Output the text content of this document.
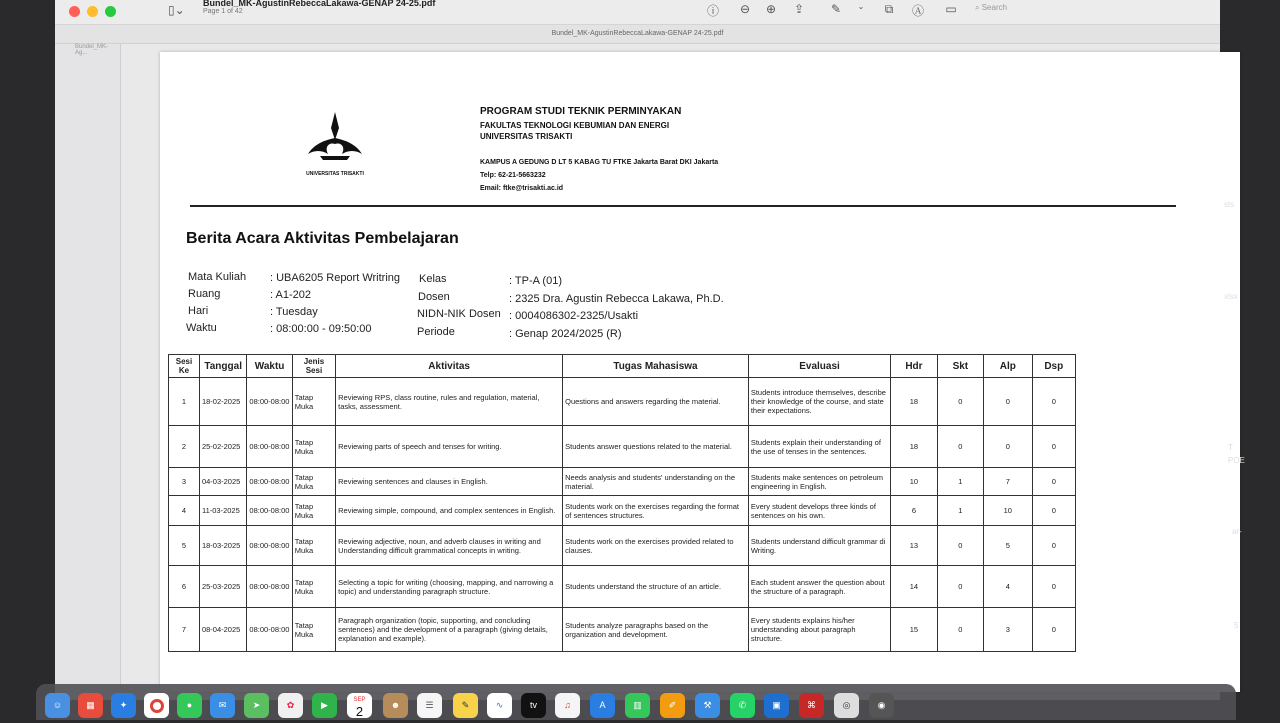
▯⌄	Bundel_MK-AgustinRebeccaLakawa-GENAP 24-25.pdf
Page 1 of 42	ⓘ ⊖ ⊕ ⇪ ✎	⌄	⧉	Ⓐ ▭ ⌕ Search
Bundel_MK-AgustinRebeccaLakawa-GENAP 24-25.pdf
Bundel_MK-Ag...
UNIVERSITAS TRISAKTI
PROGRAM STUDI TEKNIK PERMINYAKAN
FAKULTAS TEKNOLOGI KEBUMIAN DAN ENERGI
UNIVERSITAS TRISAKTI
KAMPUS A GEDUNG D LT 5 KABAG TU FTKE Jakarta Barat DKI Jakarta
Telp: 62-21-5663232
Email: ftke@trisakti.ac.id
Berita Acara Aktivitas Pembelajaran
Mata Kuliah : UBA6205 Report Writring
Ruang	: A1-202
Hari	: Tuesday
Waktu	: 08:00:00 - 09:50:00
Kelas	: TP-A (01)
Dosen	: 2325 Dra. Agustin Rebecca Lakawa, Ph.D.
NIDN-NIK Dosen : 0004086302-2325/Usakti
Periode	: Genap 2024/2025 (R)
Sesi Ke	Tanggal	Waktu	Jenis Sesi	Aktivitas	Tugas Mahasiswa	Evaluasi	Hdr	Skt	Alp	Dsp
1	18-02-2025	08:00-08:00	Tatap Muka	Reviewing RPS, class routine, rules and regulation, material, tasks, assessment.	Questions and answers regarding the material.	Students introduce themselves, describe their knowledge of the course, and state their expectations.	18	0	0	0
2	25-02-2025	08:00-08:00	Tatap Muka	Reviewing parts of speech and tenses for writing.	Students answer questions related to the material.	Students explain their understanding of the use of tenses in the sentences.	18	0	0	0
3	04-03-2025	08:00-08:00	Tatap Muka	Reviewing sentences and clauses in English.	Needs analysis and students' understanding on the material.	Students make sentences on petroleum engineering in English.	10	1	7	0
4	11-03-2025	08:00-08:00	Tatap Muka	Reviewing simple, compound, and complex sentences in English.	Students work on the exercises regarding the format of sentences structures.	Every student develops three kinds of sentences on his own.	6	1	10	0
5	18-03-2025	08:00-08:00	Tatap Muka	Reviewing adjective, noun, and adverb clauses in writing and Understanding difficult grammatical concepts in writing.	Students work on the exercises provided related to clauses.	Students understand difficult grammar di Writing.	13	0	5	0
6	25-03-2025	08:00-08:00	Tatap Muka	Selecting a topic for writing (choosing, mapping, and narrowing a topic) and understanding paragraph structure.	Students understand the structure of an article.	Each student answer the question about the structure of a paragraph.	14	0	4	0
7	08-04-2025	08:00-08:00	Tatap Muka	Paragraph organization (topic, supporting, and concluding sentences) and the development of a paragraph (giving details, explanation and example).	Students analyze paragraphs based on the organization and development.	Every students explains his/her understanding about paragraph structure.	15	0	3	0
sts
xlsx
T
POE
ar-
5
☺	▦	✦	●	✉	➤	✿	▶	SEP
2	☻	☰	✎	∿	tv	♫	A	▥	✐	⚒	✆	▣	⌘	◎	◉
